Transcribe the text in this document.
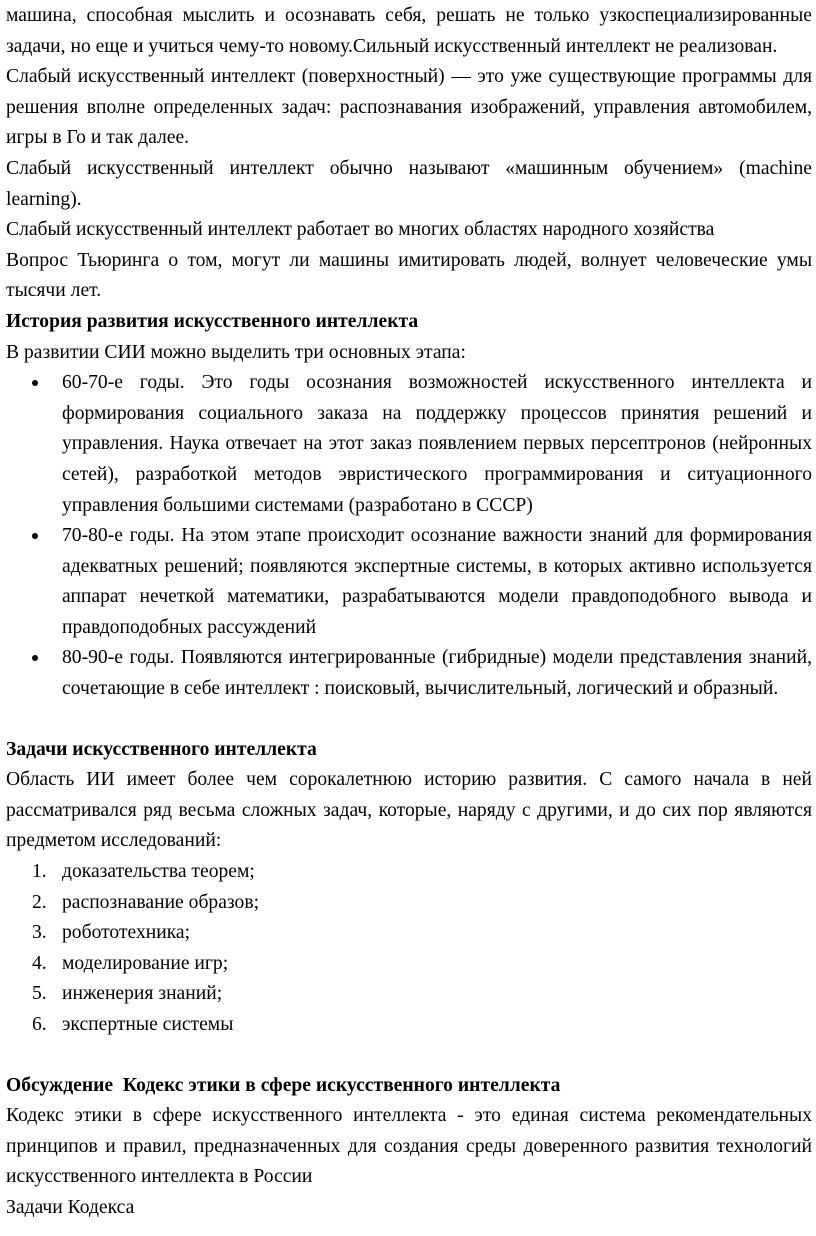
машина, способная мыслить и осознавать себя, решать не только узкоспециализированные задачи, но еще и учиться чему-то новому.Сильный искусственный интеллект не реализован.

Слабый искусственный интеллект (поверхностный) — это уже существующие программы для решения вполне определенных задач: распознавания изображений, управления автомобилем, игры в Го и так далее.

Слабый искусственный интеллект обычно называют «машинным обучением» (machine learning).

Слабый искусственный интеллект работает во многих областях народного хозяйства

Вопрос Тьюринга о том, могут ли машины имитировать людей, волнует человеческие умы тысячи лет.

История развития искусственного интеллекта

В развитии СИИ можно выделить три основных этапа:

60-70-е годы. Это годы осознания возможностей искусственного интеллекта и формирования социального заказа на поддержку процессов принятия решений и управления. Наука отвечает на этот заказ появлением первых персептронов (нейронных сетей), разработкой методов эвристического программирования и ситуационного управления большими системами (разработано в СССР)
70-80-е годы. На этом этапе происходит осознание важности знаний для формирования адекватных решений; появляются экспертные системы, в которых активно используется аппарат нечеткой математики, разрабатываются модели правдоподобного вывода и правдоподобных рассуждений
80-90-е годы. Появляются интегрированные (гибридные) модели представления знаний, сочетающие в себе интеллект : поисковый, вычислительный, логический и образный.
Задачи искусственного интеллекта

Область ИИ имеет более чем сорокалетнюю историю развития. С самого начала в ней рассматривался ряд весьма сложных задач, которые, наряду с другими, и до сих пор являются предметом исследований:

1. доказательства теорем;
2. распознавание образов;
3. робототехника;
4. моделирование игр;
5. инженерия знаний;
6. экспертные системы
Обсуждение  Кодекс этики в сфере искусственного интеллекта

Кодекс этики в сфере искусственного интеллекта - это единая система рекомендательных принципов и правил, предназначенных для создания среды доверенного развития технологий искусственного интеллекта в России

Задачи Кодекса
